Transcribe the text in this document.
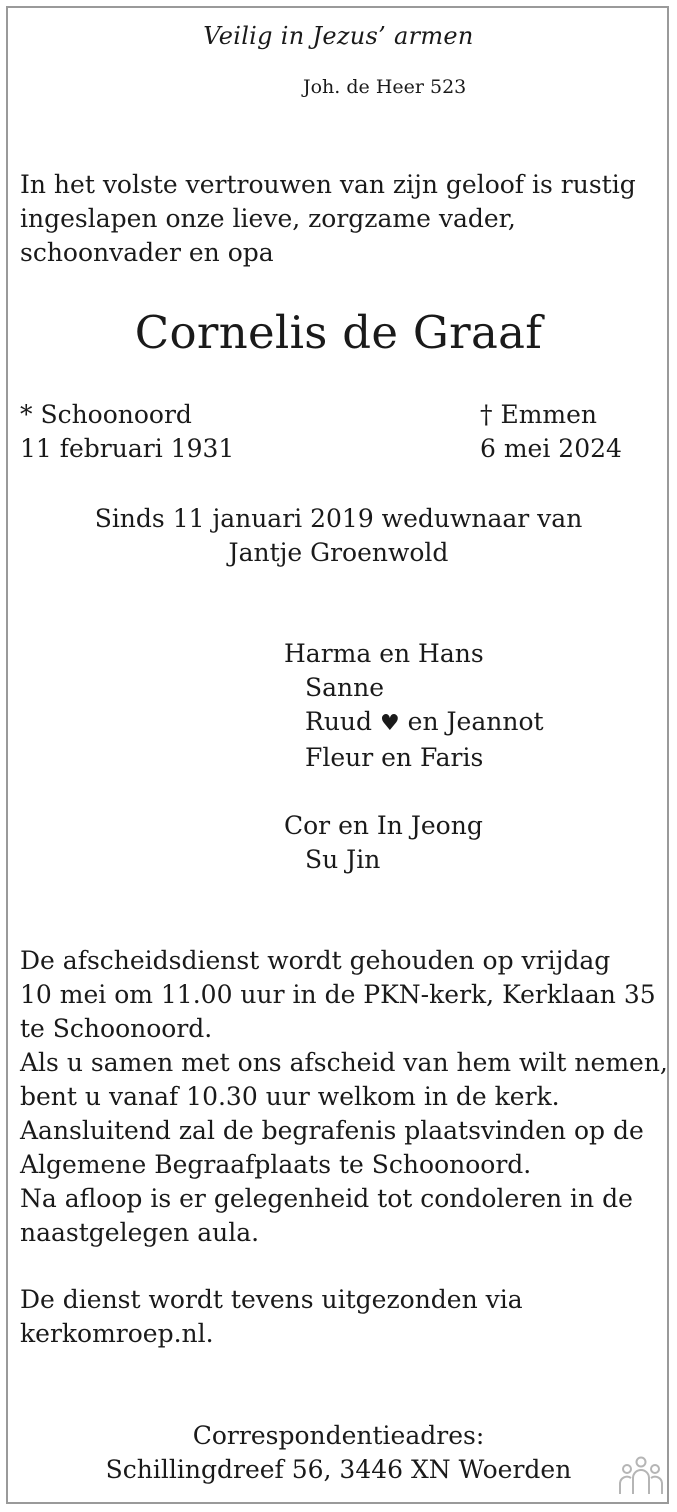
Veilig in Jezus’ armen
Joh. de Heer 523
In het volste vertrouwen van zijn geloof is rustig
ingeslapen onze lieve, zorgzame vader,
schoonvader en opa
Cornelis de Graaf
* Schoonoord
11 februari 1931
† Emmen
6 mei 2024
Sinds 11 januari 2019 weduwnaar van
Jantje Groenwold
Harma en Hans
Sanne
Ruud ♥ en Jeannot
Fleur en Faris
Cor en In Jeong
Su Jin
De afscheidsdienst wordt gehouden op vrijdag
10 mei om 11.00 uur in de PKN-kerk, Kerklaan 35
te Schoonoord.
Als u samen met ons afscheid van hem wilt nemen,
bent u vanaf 10.30 uur welkom in de kerk.
Aansluitend zal de begrafenis plaatsvinden op de
Algemene Begraafplaats te Schoonoord.
Na afloop is er gelegenheid tot condoleren in de
naastgelegen aula.
De dienst wordt tevens uitgezonden via
kerkomroep.nl.
Correspondentieadres:
Schillingdreef 56, 3446 XN Woerden
